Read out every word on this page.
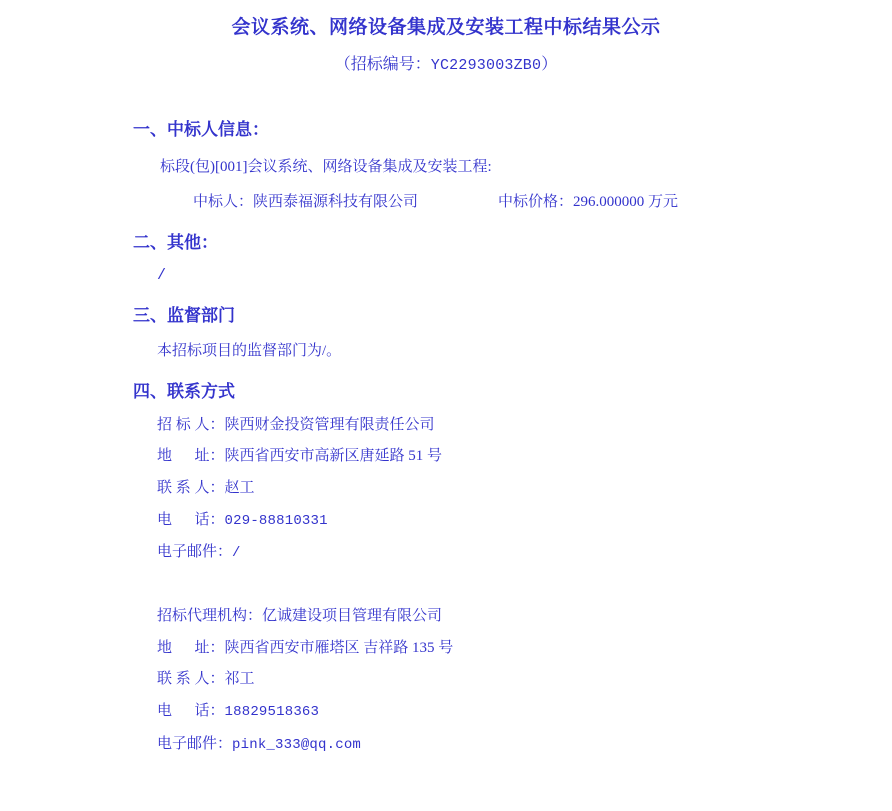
会议系统、网络设备集成及安装工程中标结果公示
（招标编号：YC2293003ZB0）
一、中标人信息：
标段(包)[001]会议系统、网络设备集成及安装工程:
中标人：陕西泰福源科技有限公司	中标价格：296.000000 万元
二、其他：
/
三、监督部门
本招标项目的监督部门为/。
四、联系方式
招 标 人： 陕西财金投资管理有限责任公司
地      址： 陕西省西安市高新区唐延路 51 号
联 系 人： 赵工
电      话： 029-88810331
电子邮件： /
招标代理机构： 亿诚建设项目管理有限公司
地      址： 陕西省西安市雁塔区 吉祥路 135 号
联 系 人： 祁工
电      话： 18829518363
电子邮件： pink_333@qq.com
